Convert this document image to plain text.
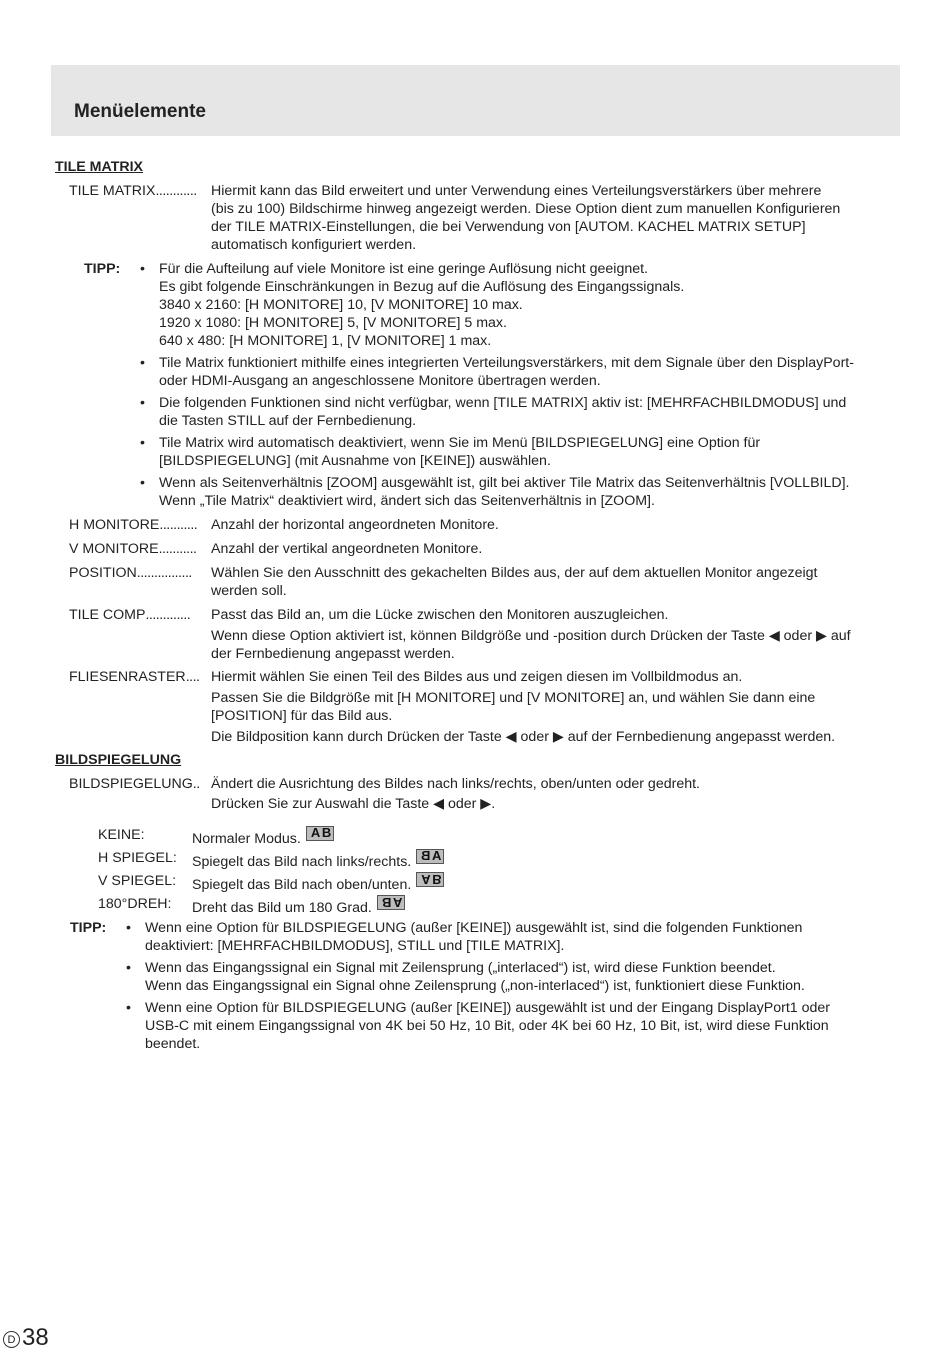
Menüelemente
TILE MATRIX
TILE MATRIX............ Hiermit kann das Bild erweitert und unter Verwendung eines Verteilungsverstärkers über mehrere
(bis zu 100) Bildschirme hinweg angezeigt werden. Diese Option dient zum manuellen Konfigurieren
der TILE MATRIX-Einstellungen, die bei Verwendung von [AUTOM. KACHEL MATRIX SETUP]
automatisch konfiguriert werden.
TIPP: • Für die Aufteilung auf viele Monitore ist eine geringe Auflösung nicht geeignet.
Es gibt folgende Einschränkungen in Bezug auf die Auflösung des Eingangssignals.
3840 x 2160: [H MONITORE] 10, [V MONITORE] 10 max.
1920 x 1080: [H MONITORE] 5, [V MONITORE] 5 max.
640 x 480: [H MONITORE] 1, [V MONITORE] 1 max.
• Tile Matrix funktioniert mithilfe eines integrierten Verteilungsverstärkers, mit dem Signale über den DisplayPort-
oder HDMI-Ausgang an angeschlossene Monitore übertragen werden.
• Die folgenden Funktionen sind nicht verfügbar, wenn [TILE MATRIX] aktiv ist: [MEHRFACHBILDMODUS] und
die Tasten STILL auf der Fernbedienung.
• Tile Matrix wird automatisch deaktiviert, wenn Sie im Menü [BILDSPIEGELUNG] eine Option für
[BILDSPIEGELUNG] (mit Ausnahme von [KEINE]) auswählen.
• Wenn als Seitenverhältnis [ZOOM] ausgewählt ist, gilt bei aktiver Tile Matrix das Seitenverhältnis [VOLLBILD].
Wenn „Tile Matrix“ deaktiviert wird, ändert sich das Seitenverhältnis in [ZOOM].
H MONITORE........... Anzahl der horizontal angeordneten Monitore.
V MONITORE........... Anzahl der vertikal angeordneten Monitore.
POSITION................ Wählen Sie den Ausschnitt des gekachelten Bildes aus, der auf dem aktuellen Monitor angezeigt
werden soll.
TILE COMP............. Passt das Bild an, um die Lücke zwischen den Monitoren auszugleichen.
Wenn diese Option aktiviert ist, können Bildgröße und -position durch Drücken der Taste ◀ oder ▶ auf
der Fernbedienung angepasst werden.
FLIESENRASTER.... Hiermit wählen Sie einen Teil des Bildes aus und zeigen diesen im Vollbildmodus an.
Passen Sie die Bildgröße mit [H MONITORE] und [V MONITORE] an, und wählen Sie dann eine
[POSITION] für das Bild aus.
Die Bildposition kann durch Drücken der Taste ◀ oder ▶ auf der Fernbedienung angepasst werden.
BILDSPIEGELUNG
BILDSPIEGELUNG.. Ändert die Ausrichtung des Bildes nach links/rechts, oben/unten oder gedreht.
Drücken Sie zur Auswahl die Taste ◀ oder ▶.
KEINE:	Normaler Modus. A B
H SPIEGEL: Spiegelt das Bild nach links/rechts. A
B
V SPIEGEL: Spiegelt das Bild nach oben/unten. A B
180°DREH: Dreht das Bild um 180 Grad. A
B
TIPP: • Wenn eine Option für BILDSPIEGELUNG (außer [KEINE]) ausgewählt ist, sind die folgenden Funktionen
deaktiviert: [MEHRFACHBILDMODUS], STILL und [TILE MATRIX].
• Wenn das Eingangssignal ein Signal mit Zeilensprung („interlaced“) ist, wird diese Funktion beendet.
Wenn das Eingangssignal ein Signal ohne Zeilensprung („non-interlaced“) ist, funktioniert diese Funktion.
• Wenn eine Option für BILDSPIEGELUNG (außer [KEINE]) ausgewählt ist und der Eingang DisplayPort1 oder
USB-C mit einem Eingangssignal von 4K bei 50 Hz, 10 Bit, oder 4K bei 60 Hz, 10 Bit, ist, wird diese Funktion
beendet.
D 38
